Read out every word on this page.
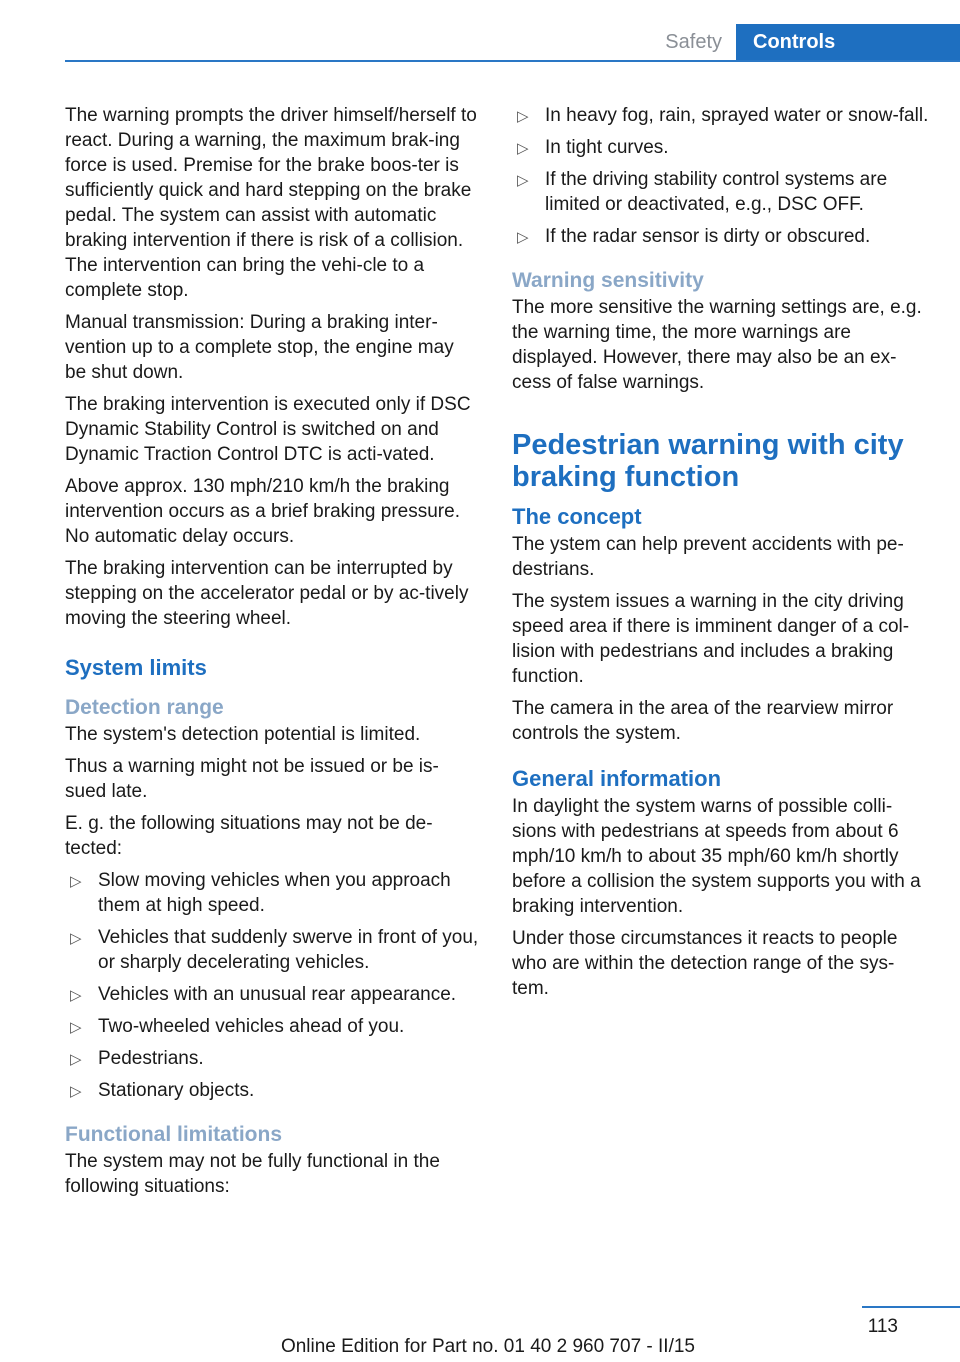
Safety	Controls

The warning prompts the driver himself/herself to react. During a warning, the maximum brak‐ing force is used. Premise for the brake boos‐ter is sufficiently quick and hard stepping on the brake pedal. The system can assist with automatic braking intervention if there is risk of a collision. The intervention can bring the vehi‐cle to a complete stop.

Manual transmission: During a braking inter‐vention up to a complete stop, the engine may be shut down.

The braking intervention is executed only if DSC Dynamic Stability Control is switched on and Dynamic Traction Control DTC is acti‐vated.

Above approx. 130 mph/210 km/h the braking intervention occurs as a brief braking pressure. No automatic delay occurs.

The braking intervention can be interrupted by stepping on the accelerator pedal or by ac‐tively moving the steering wheel.

System limits
Detection range

The system's detection potential is limited.

Thus a warning might not be issued or be is‐sued late.

E. g. the following situations may not be de‐tected:

▷ Slow moving vehicles when you approach them at high speed.
▷ Vehicles that suddenly swerve in front of you, or sharply decelerating vehicles.
▷ Vehicles with an unusual rear appearance.
▷ Two-wheeled vehicles ahead of you.
▷ Pedestrians.
▷ Stationary objects.
Functional limitations

The system may not be fully functional in the following situations:

▷ In heavy fog, rain, sprayed water or snow‐fall.
▷ In tight curves.
▷ If the driving stability control systems are limited or deactivated, e.g., DSC OFF.
▷ If the radar sensor is dirty or obscured.
Warning sensitivity

The more sensitive the warning settings are, e.g. the warning time, the more warnings are displayed. However, there may also be an ex‐cess of false warnings.

Pedestrian warning with city braking function
The concept

The ystem can help prevent accidents with pe‐destrians.

The system issues a warning in the city driving speed area if there is imminent danger of a col‐lision with pedestrians and includes a braking function.

The camera in the area of the rearview mirror controls the system.

General information

In daylight the system warns of possible colli‐sions with pedestrians at speeds from about 6 mph/10 km/h to about 35 mph/60 km/h shortly before a collision the system supports you with a braking intervention.

Under those circumstances it reacts to people who are within the detection range of the sys‐tem.

113
Online Edition for Part no. 01 40 2 960 707 - II/15
